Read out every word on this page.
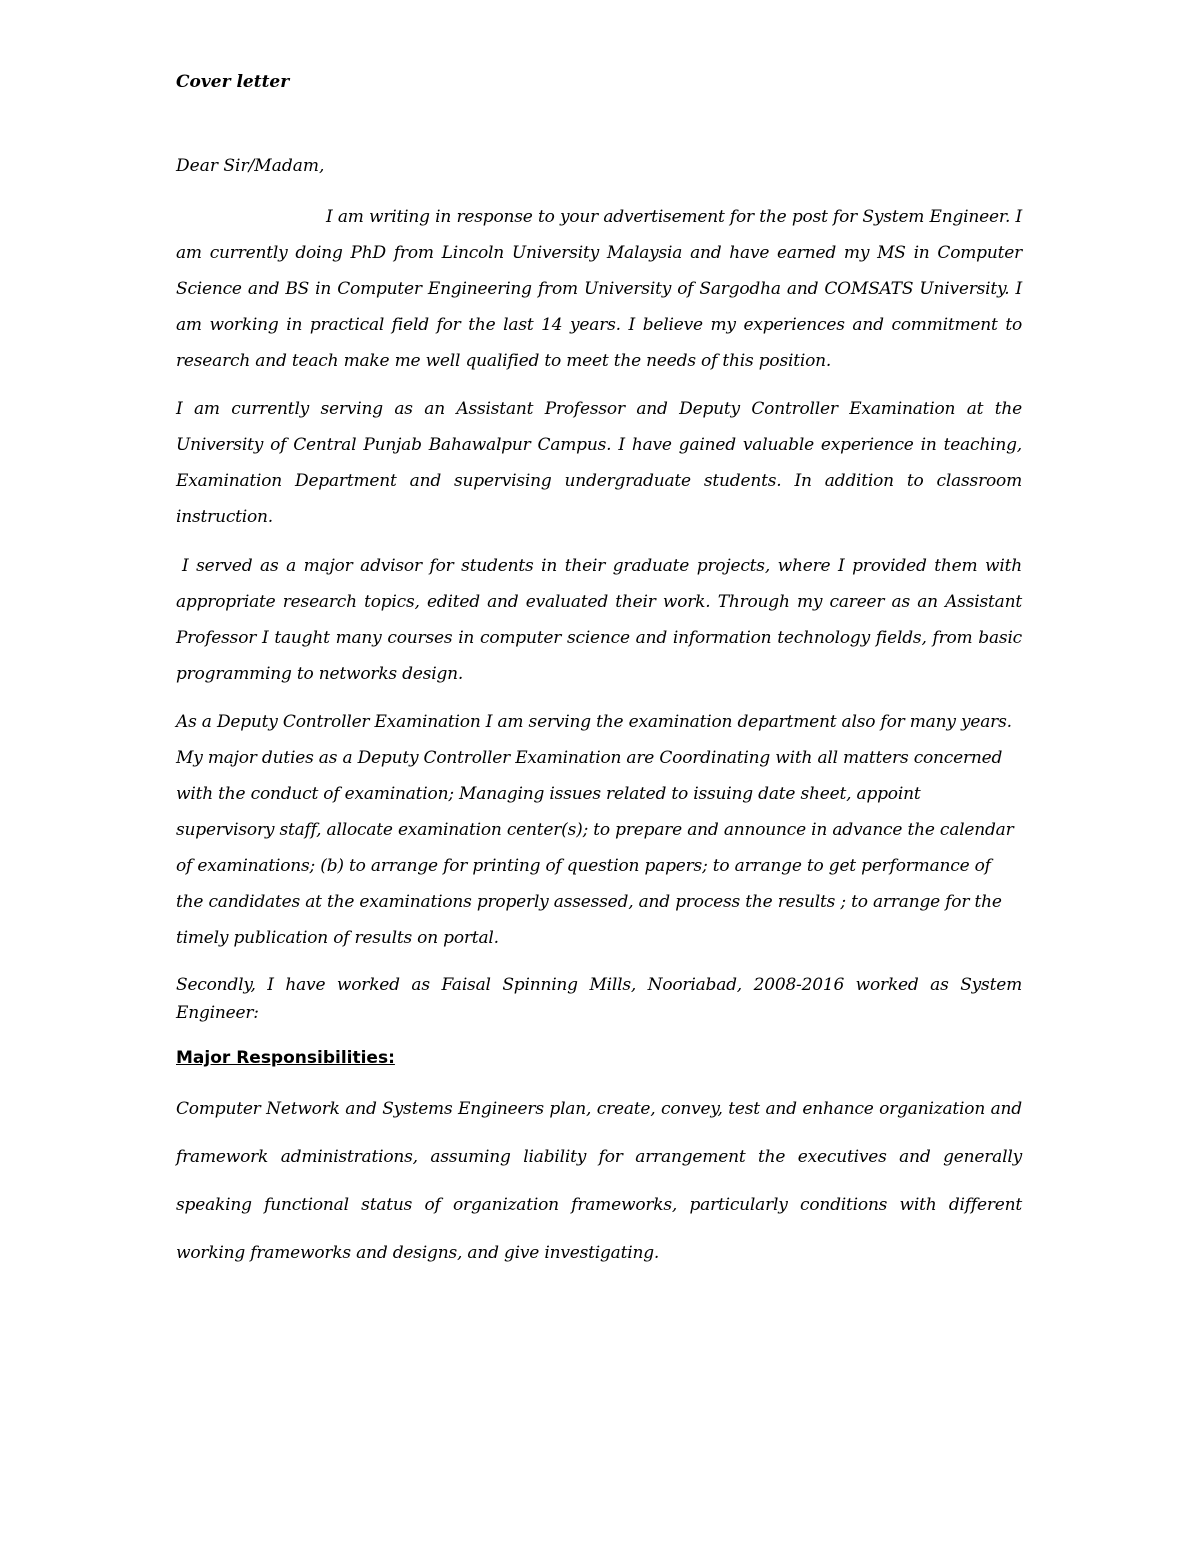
Cover letter
Dear Sir/Madam,
I am writing in response to your advertisement for the post for System Engineer. I am currently doing PhD from Lincoln University Malaysia and have earned my MS in Computer Science and BS in Computer Engineering from University of Sargodha and COMSATS University. I am working in practical field for the last 14 years. I believe my experiences and commitment to research and teach make me well qualified to meet the needs of this position.
I am currently serving as an Assistant Professor and Deputy Controller Examination at the University of Central Punjab Bahawalpur Campus. I have gained valuable experience in teaching, Examination Department and supervising undergraduate students. In addition to classroom instruction.
I served as a major advisor for students in their graduate projects, where I provided them with appropriate research topics, edited and evaluated their work. Through my career as an Assistant Professor I taught many courses in computer science and information technology fields, from basic programming to networks design.
As a Deputy Controller Examination I am serving the examination department also for many years. My major duties as a Deputy Controller Examination are Coordinating with all matters concerned with the conduct of examination; Managing issues related to issuing date sheet, appoint supervisory staff, allocate examination center(s); to prepare and announce in advance the calendar of examinations; (b) to arrange for printing of question papers; to arrange to get performance of the candidates at the examinations properly assessed, and process the results ; to arrange for the timely publication of results on portal.
Secondly, I have worked as Faisal Spinning Mills, Nooriabad, 2008-2016 worked as System Engineer:
Major Responsibilities:
Computer Network and Systems Engineers plan, create, convey, test and enhance organization and framework administrations, assuming liability for arrangement the executives and generally speaking functional status of organization frameworks, particularly conditions with different working frameworks and designs, and give investigating.
